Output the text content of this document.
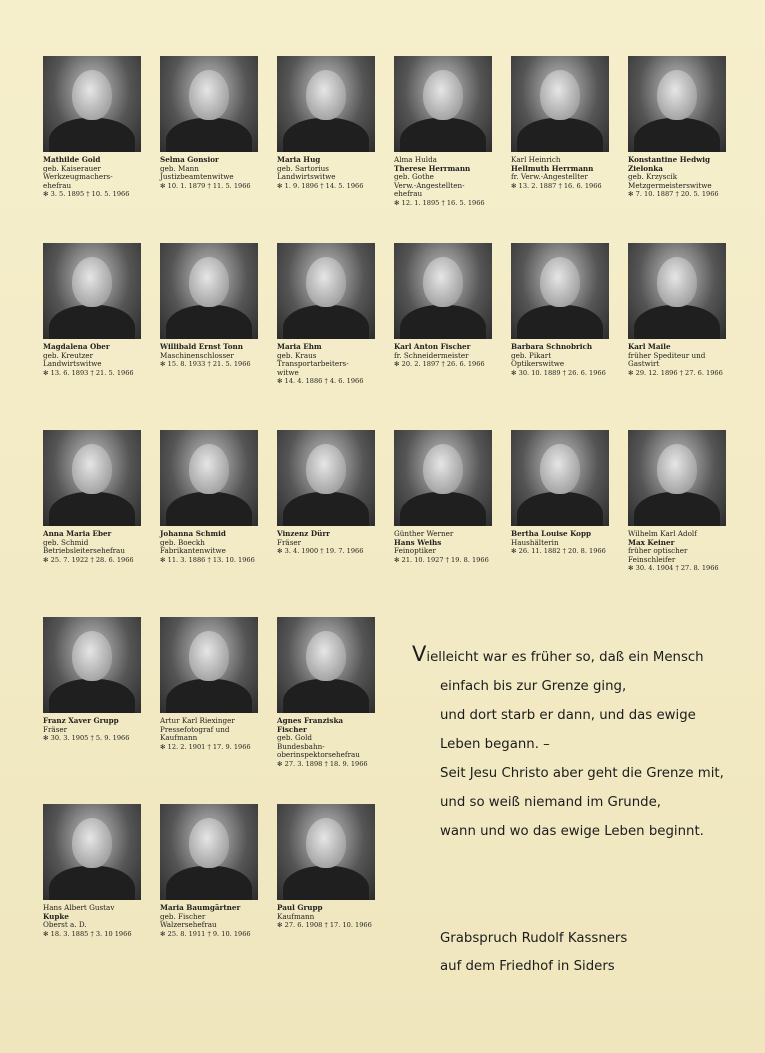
Mathilde Gold
geb. Kaiserauer
Werkzeugmachers-
ehefrau
✻ 3. 5. 1895 † 10. 5. 1966
Selma Gonsior
geb. Mann
Justizbeamtenwitwe
✻ 10. 1. 1879 † 11. 5. 1966
Maria Hug
geb. Sartorius
Landwirtswitwe
✻ 1. 9. 1896 † 14. 5. 1966
Alma Hulda
Therese Herrmann
geb. Gothe
Verw.-Angestellten-
ehefrau
✻ 12. 1. 1895 † 16. 5. 1966
Karl Heinrich
Hellmuth Herrmann
fr. Verw.-Angestellter
✻ 13. 2. 1887 † 16. 6. 1966
Konstantine Hedwig
Zielonka
geb. Krzyscik
Metzgermeisterswitwe
✻ 7. 10. 1887 † 20. 5. 1966
Magdalena Ober
geb. Kreutzer
Landwirtswitwe
✻ 13. 6. 1893 † 21. 5. 1966
Willibald Ernst Tonn
Maschinenschlosser
✻ 15. 8. 1933 † 21. 5. 1966
Maria Ehm
geb. Kraus
Transportarbeiters-
witwe
✻ 14. 4. 1886 † 4. 6. 1966
Karl Anton Fischer
fr. Schneidermeister
✻ 20. 2. 1897 † 26. 6. 1966
Barbara Schnobrich
geb. Pikart
Optikerswitwe
✻ 30. 10. 1889 † 26. 6. 1966
Karl Maile
früher Spediteur und
Gastwirt
✻ 29. 12. 1896 † 27. 6. 1966
Anna Maria Eber
geb. Schmid
Betriebsleitersehefrau
✻ 25. 7. 1922 † 28. 6. 1966
Johanna Schmid
geb. Boeckh
Fabrikantenwitwe
✻ 11. 3. 1886 † 13. 10. 1966
Vinzenz Dürr
Fräser
✻ 3. 4. 1900 † 19. 7. 1966
Günther Werner
Hans Weihs
Feinoptiker
✻ 21. 10. 1927 † 19. 8. 1966
Bertha Louise Kopp
Haushälterin
✻ 26. 11. 1882 † 20. 8. 1966
Wilhelm Karl Adolf
Max Keiner
früher optischer
Feinschleifer
✻ 30. 4. 1904 † 27. 8. 1966
Franz Xaver Grupp
Fräser
✻ 30. 3. 1905 † 5. 9. 1966
Artur Karl Riexinger
Pressefotograf und
Kaufmann
✻ 12. 2. 1901 † 17. 9. 1966
Agnes Franziska
Fischer
geb. Gold
Bundesbahn-
oberinspektorsehefrau
✻ 27. 3. 1898 † 18. 9. 1966
Hans Albert Gustav
Kupke
Oberst a. D.
✻ 18. 3. 1885 † 3. 10 1966
Maria Baumgärtner
geb. Fischer
Walzersehefrau
✻ 25. 8. 1911 † 9. 10. 1966
Paul Grupp
Kaufmann
✻ 27. 6. 1908 † 17. 10. 1966
Vielleicht war es früher so, daß ein Mensch
einfach bis zur Grenze ging,
und dort starb er dann, und das ewige
Leben begann. –
Seit Jesu Christo aber geht die Grenze mit,
und so weiß niemand im Grunde,
wann und wo das ewige Leben beginnt.
Grabspruch Rudolf Kassners
auf dem Friedhof in Siders
